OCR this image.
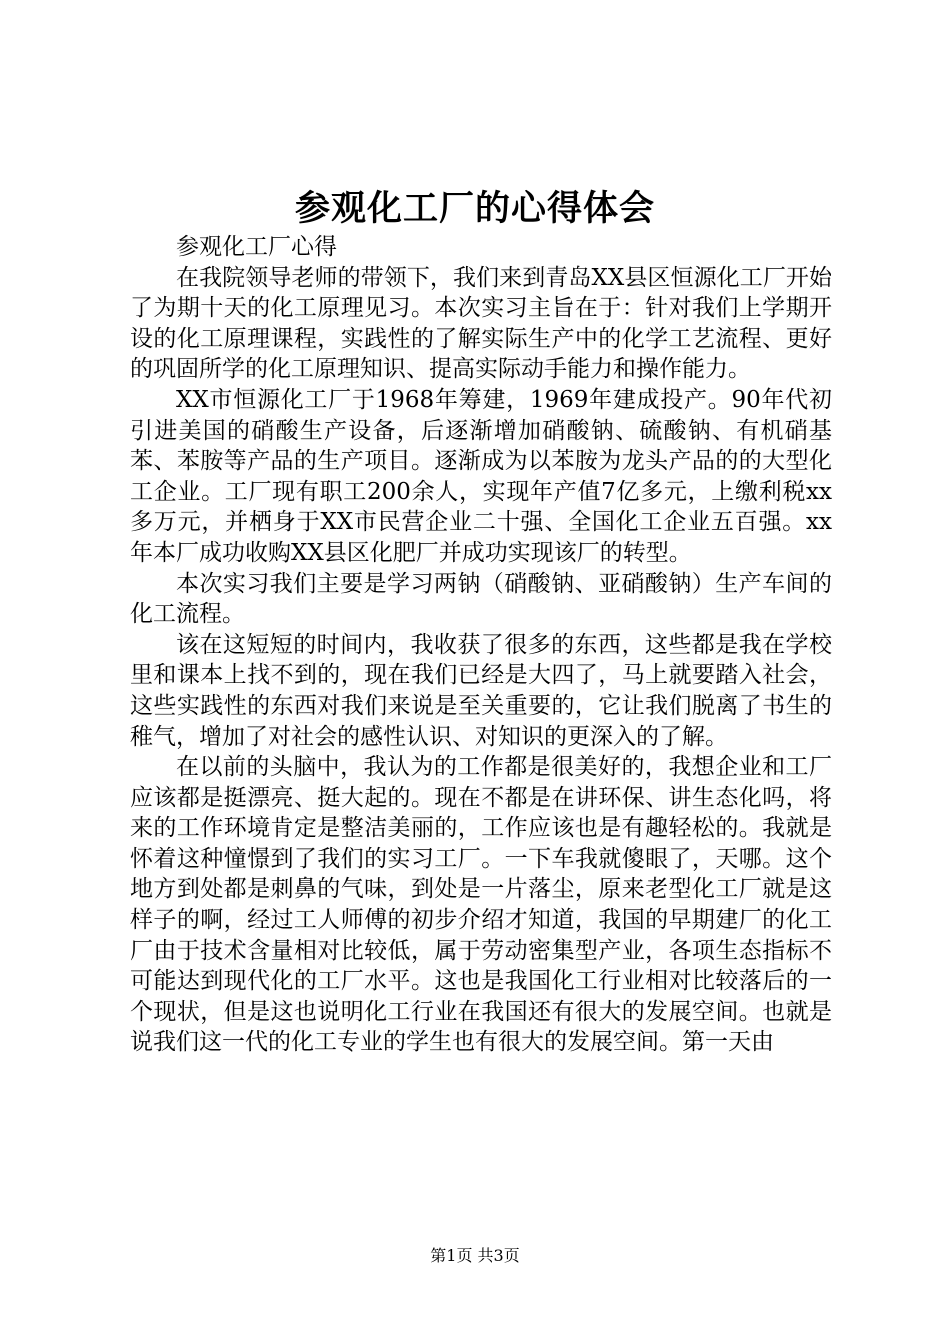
参观化工厂的心得体会

参观化工厂心得

在我院领导老师的带领下，我们来到青岛XX县区恒源化工厂开始了为期十天的化工原理见习。本次实习主旨在于：针对我们上学期开设的化工原理课程，实践性的了解实际生产中的化学工艺流程、更好的巩固所学的化工原理知识、提高实际动手能力和操作能力。

XX市恒源化工厂于1968年筹建，1969年建成投产。90年代初引进美国的硝酸生产设备，后逐渐增加硝酸钠、硫酸钠、有机硝基苯、苯胺等产品的生产项目。逐渐成为以苯胺为龙头产品的的大型化工企业。工厂现有职工200余人，实现年产值7亿多元，上缴利税xx多万元，并栖身于XX市民营企业二十强、全国化工企业五百强。xx年本厂成功收购XX县区化肥厂并成功实现该厂的转型。

本次实习我们主要是学习两钠（硝酸钠、亚硝酸钠）生产车间的化工流程。

该在这短短的时间内，我收获了很多的东西，这些都是我在学校里和课本上找不到的，现在我们已经是大四了，马上就要踏入社会，这些实践性的东西对我们来说是至关重要的，它让我们脱离了书生的稚气，增加了对社会的感性认识、对知识的更深入的了解。

在以前的头脑中，我认为的工作都是很美好的，我想企业和工厂应该都是挺漂亮、挺大起的。现在不都是在讲环保、讲生态化吗，将来的工作环境肯定是整洁美丽的，工作应该也是有趣轻松的。我就是怀着这种憧憬到了我们的实习工厂。一下车我就傻眼了，天哪。这个地方到处都是刺鼻的气味，到处是一片落尘，原来老型化工厂就是这样子的啊，经过工人师傅的初步介绍才知道，我国的早期建厂的化工厂由于技术含量相对比较低，属于劳动密集型产业，各项生态指标不可能达到现代化的工厂水平。这也是我国化工行业相对比较落后的一个现状，但是这也说明化工行业在我国还有很大的发展空间。也就是说我们这一代的化工专业的学生也有很大的发展空间。第一天由

第1页 共3页
